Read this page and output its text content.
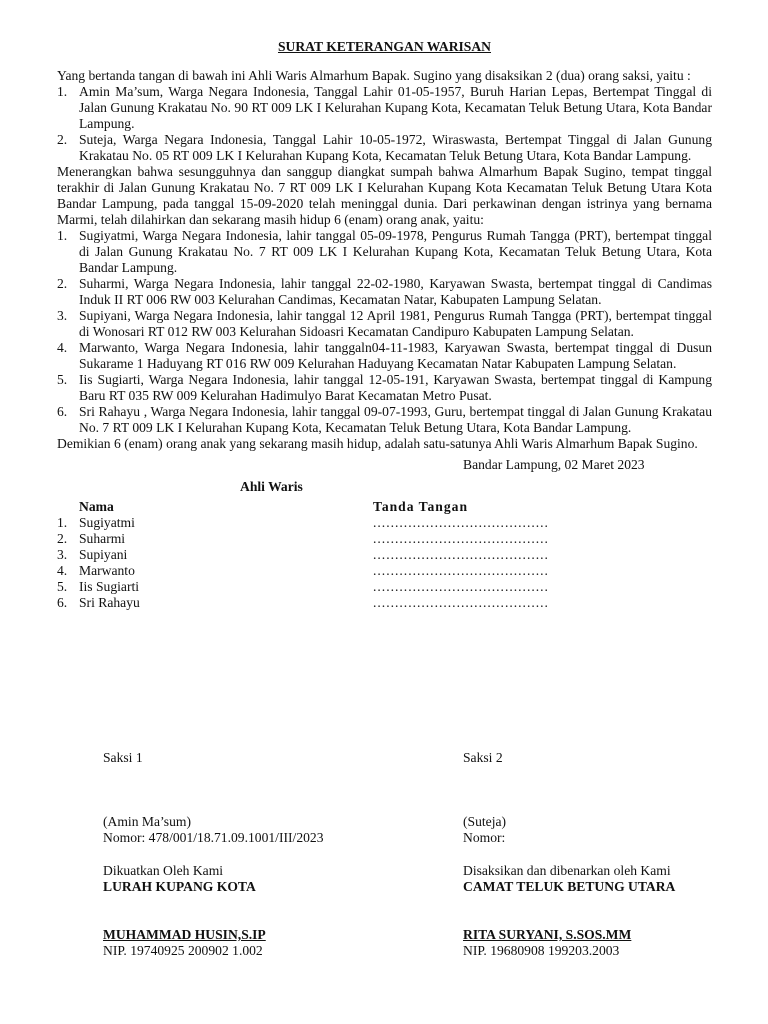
SURAT KETERANGAN WARISAN
Yang bertanda tangan di bawah ini Ahli Waris Almarhum Bapak. Sugino yang disaksikan 2 (dua) orang saksi, yaitu :
1. Amin Ma’sum, Warga Negara Indonesia, Tanggal Lahir 01-05-1957, Buruh Harian Lepas, Bertempat Tinggal di Jalan Gunung Krakatau No. 90 RT 009 LK I Kelurahan Kupang Kota, Kecamatan Teluk Betung Utara, Kota Bandar Lampung.
2. Suteja, Warga Negara Indonesia, Tanggal Lahir 10-05-1972, Wiraswasta, Bertempat Tinggal di Jalan Gunung Krakatau No. 05 RT 009 LK I Kelurahan Kupang Kota, Kecamatan Teluk Betung Utara, Kota Bandar Lampung.
Menerangkan bahwa sesungguhnya dan sanggup diangkat sumpah bahwa Almarhum Bapak Sugino, tempat tinggal terakhir di Jalan Gunung Krakatau No. 7 RT 009 LK I Kelurahan Kupang Kota Kecamatan Teluk Betung Utara Kota Bandar Lampung, pada tanggal 15-09-2020 telah meninggal dunia. Dari perkawinan dengan istrinya yang bernama Marmi, telah dilahirkan dan sekarang masih hidup 6 (enam) orang anak, yaitu:
1. Sugiyatmi, Warga Negara Indonesia, lahir tanggal 05-09-1978, Pengurus Rumah Tangga (PRT), bertempat tinggal di Jalan Gunung Krakatau No. 7 RT 009 LK I Kelurahan Kupang Kota, Kecamatan Teluk Betung Utara, Kota Bandar Lampung.
2. Suharmi, Warga Negara Indonesia, lahir tanggal 22-02-1980, Karyawan Swasta, bertempat tinggal di Candimas Induk II RT 006 RW 003 Kelurahan Candimas, Kecamatan Natar, Kabupaten Lampung Selatan.
3. Supiyani, Warga Negara Indonesia, lahir tanggal 12 April 1981, Pengurus Rumah Tangga (PRT), bertempat tinggal di Wonosari RT 012 RW 003 Kelurahan Sidoasri Kecamatan Candipuro Kabupaten Lampung Selatan.
4. Marwanto, Warga Negara Indonesia, lahir tanggaln04-11-1983, Karyawan Swasta, bertempat tinggal di Dusun Sukarame 1 Haduyang RT 016 RW 009 Kelurahan Haduyang Kecamatan Natar Kabupaten Lampung Selatan.
5. Iis Sugiarti, Warga Negara Indonesia, lahir tanggal 12-05-191, Karyawan Swasta, bertempat tinggal di Kampung Baru RT 035 RW 009 Kelurahan Hadimulyo Barat Kecamatan Metro Pusat.
6. Sri Rahayu , Warga Negara Indonesia, lahir tanggal 09-07-1993, Guru, bertempat tinggal di Jalan Gunung Krakatau No. 7 RT 009 LK I Kelurahan Kupang Kota, Kecamatan Teluk Betung Utara, Kota Bandar Lampung.
Demikian 6 (enam) orang anak yang sekarang masih hidup, adalah satu-satunya Ahli Waris Almarhum Bapak Sugino.
Bandar Lampung, 02 Maret 2023
Ahli Waris
Nama	Tanda Tangan
1. Sugiyatmi	........................................
2. Suharmi	........................................
3. Supiyani	........................................
4. Marwanto	........................................
5. Iis Sugiarti	........................................
6. Sri Rahayu	........................................
Saksi 1	Saksi 2
(Amin Ma’sum)
Nomor: 478/001/18.71.09.1001/III/2023
(Suteja)
Nomor:
Dikuatkan Oleh Kami
LURAH KUPANG KOTA
Disaksikan dan dibenarkan oleh Kami
CAMAT TELUK BETUNG UTARA
MUHAMMAD HUSIN,S.IP
NIP. 19740925 200902 1.002
RITA SURYANI, S.SOS.MM
NIP. 19680908 199203.2003
